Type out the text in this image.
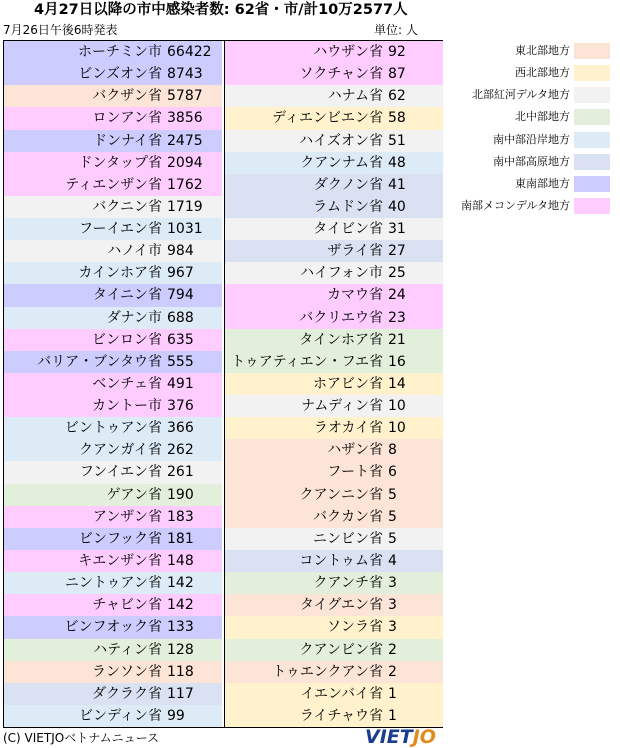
4月27日以降の市中感染者数: 62省・市/計10万2577人
7月26日午後6時発表	単位: 人
ホーチミン市 66422
ビンズオン省 8743
バクザン省 5787
ロンアン省 3856
ドンナイ省 2475
ドンタップ省 2094
ティエンザン省 1762
バクニン省 1719
フーイエン省 1031
ハノイ市 984
カインホア省 967
タイニン省 794
ダナン市 688
ビンロン省 635
バリア・ブンタウ省 555
ベンチェ省 491
カントー市 376
ビントゥアン省 366
クアンガイ省 262
フンイエン省 261
ゲアン省 190
アンザン省 183
ビンフック省 181
キエンザン省 148
ニントゥアン省 142
チャビン省 142
ビンフオック省 133
ハティン省 128
ランソン省 118
ダクラク省 117
ビンディン省 99
ハウザン省 92
ソクチャン省 87
ハナム省 62
ディエンビエン省 58
ハイズオン省 51
クアンナム省 48
ダクノン省 41
ラムドン省 40
タイビン省 31
ザライ省 27
ハイフォン市 25
カマウ省 24
バクリエウ省 23
タインホア省 21
トゥアティエン・フエ省 16
ホアビン省 14
ナムディン省 10
ラオカイ省 10
ハザン省 8
フート省 6
クアンニン省 5
バクカン省 5
ニンビン省 5
コントゥム省 4
クアンチ省 3
タイグエン省 3
ソンラ省 3
クアンビン省 2
トゥエンクアン省 2
イエンバイ省 1
ライチャウ省 1
東北部地方
西北部地方
北部紅河デルタ地方
北中部地方
南中部沿岸地方
南中部高原地方
東南部地方
南部メコンデルタ地方
(C) VIETJOベトナムニュース	VIETJO
